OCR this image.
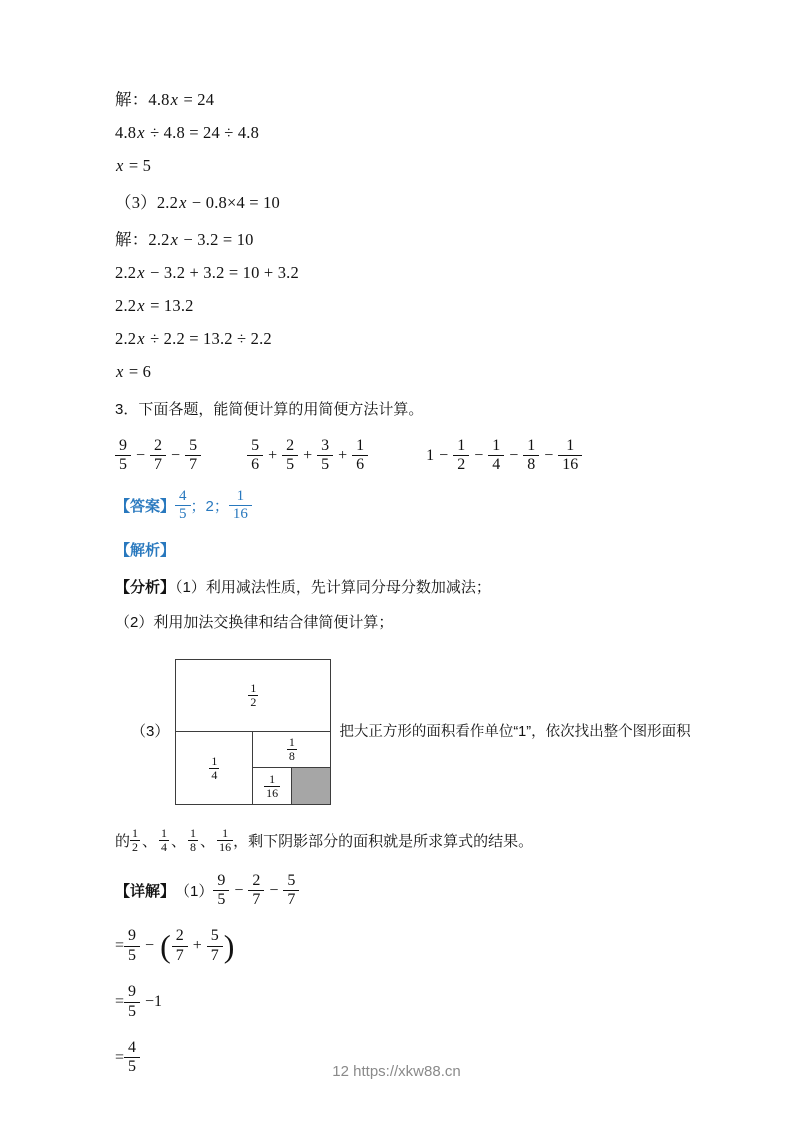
解：4.8x = 24

4.8x ÷ 4.8 = 24 ÷ 4.8

x = 5

（3）2.2x − 0.8×4 = 10

解：2.2x − 3.2 = 10

2.2x − 3.2 + 3.2 = 10 + 3.2

2.2x = 13.2

2.2x ÷ 2.2 = 13.2 ÷ 2.2

x = 6

3．下面各题，能简便计算的用简便方法计算。

$\frac{9}{5} - \frac{2}{7} - \frac{5}{7}$	$\frac{5}{6} + \frac{2}{5} + \frac{3}{5} + \frac{1}{6}$	$1 - \frac{1}{2} - \frac{1}{4} - \frac{1}{8} - \frac{1}{16}$
【答案】 $\frac{4}{5}$ ；2； $\frac{1}{16}$

【解析】

【分析】（1）利用减法性质，先计算同分母分数加减法；

（2）利用加法交换律和结合律简便计算；

（3）
$\frac{1}{2}$
$\frac{1}{4}$
$\frac{1}{8}$
$\frac{1}{16}$
把大正方形的面积看作单位“1”，依次找出整个图形面积
的 $\frac{1}{2}$ 、 $\frac{1}{4}$ 、 $\frac{1}{8}$ 、 $\frac{1}{16}$ ，剩下阴影部分的面积就是所求算式的结果。
【详解】 $(1) \frac{9}{5} - \frac{2}{7} - \frac{5}{7}$
= $\frac{9}{5}$ − ( $\frac{2}{7} + \frac{5}{7}$ )
= $\frac{9}{5} -1$
= $\frac{4}{5}$	12 https://xkw88.cn
